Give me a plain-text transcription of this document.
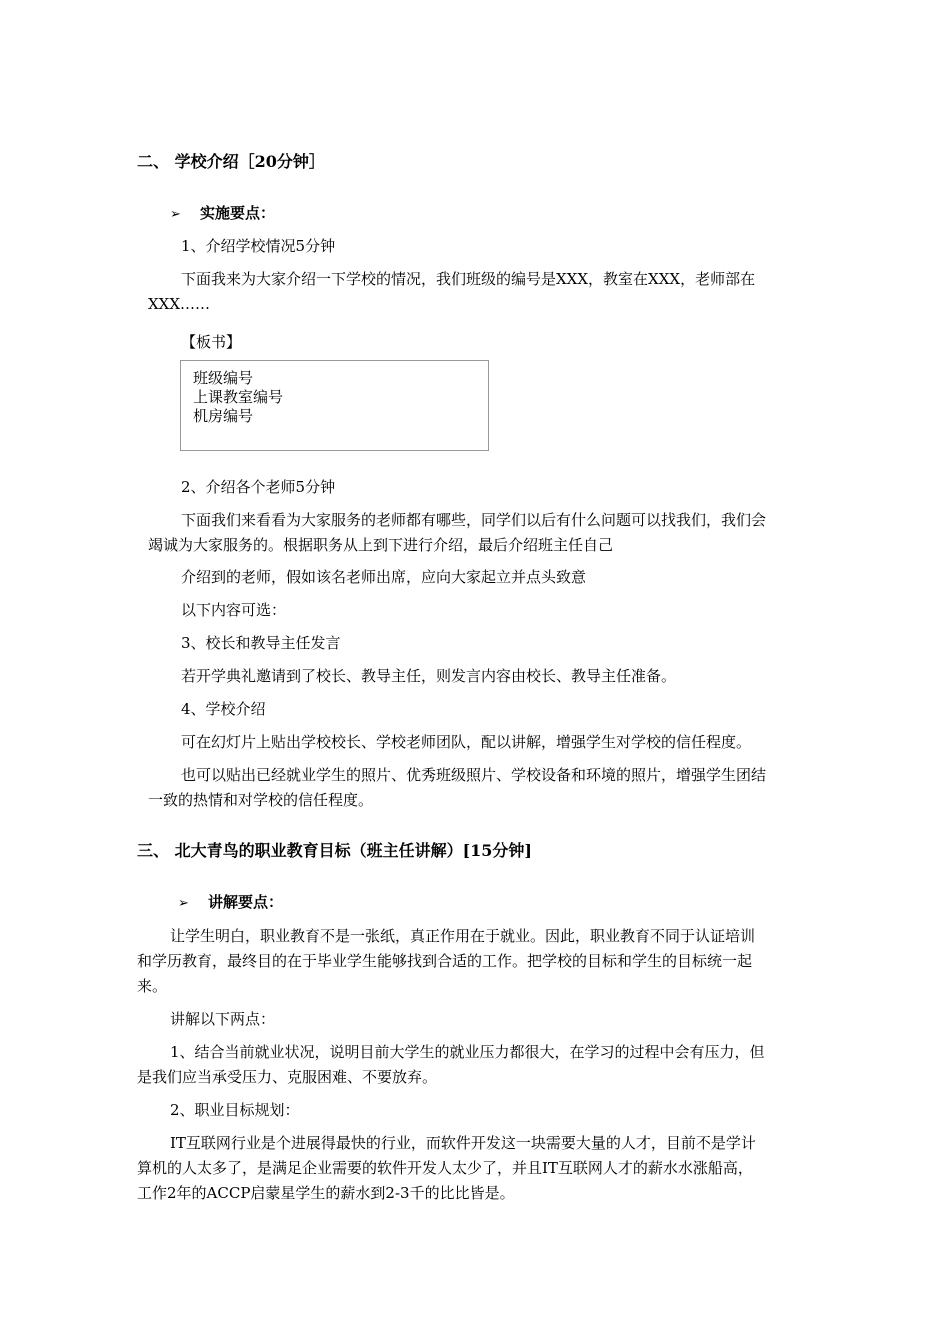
二、 学校介绍［20分钟］
➢ 实施要点：
1、介绍学校情况5分钟
下面我来为大家介绍一下学校的情况，我们班级的编号是XXX，教室在XXX，老师部在
XXX……
【板书】
班级编号
上课教室编号
机房编号
2、介绍各个老师5分钟
下面我们来看看为大家服务的老师都有哪些，同学们以后有什么问题可以找我们，我们会
竭诚为大家服务的。根据职务从上到下进行介绍，最后介绍班主任自己
介绍到的老师，假如该名老师出席，应向大家起立并点头致意
以下内容可选：
3、校长和教导主任发言
若开学典礼邀请到了校长、教导主任，则发言内容由校长、教导主任准备。
4、学校介绍
可在幻灯片上贴出学校校长、学校老师团队，配以讲解，增强学生对学校的信任程度。
也可以贴出已经就业学生的照片、优秀班级照片、学校设备和环境的照片，增强学生团结
一致的热情和对学校的信任程度。
三、 北大青鸟的职业教育目标（班主任讲解）[15分钟]
➢ 讲解要点：
让学生明白，职业教育不是一张纸，真正作用在于就业。因此，职业教育不同于认证培训
和学历教育，最终目的在于毕业学生能够找到合适的工作。把学校的目标和学生的目标统一起
来。
讲解以下两点：
1、结合当前就业状况，说明目前大学生的就业压力都很大，在学习的过程中会有压力，但
是我们应当承受压力、克服困难、不要放弃。
2、职业目标规划：
IT互联网行业是个进展得最快的行业，而软件开发这一块需要大量的人才，目前不是学计
算机的人太多了，是满足企业需要的软件开发人太少了，并且IT互联网人才的薪水水涨船高，
工作2年的ACCP启蒙星学生的薪水到2-3千的比比皆是。
